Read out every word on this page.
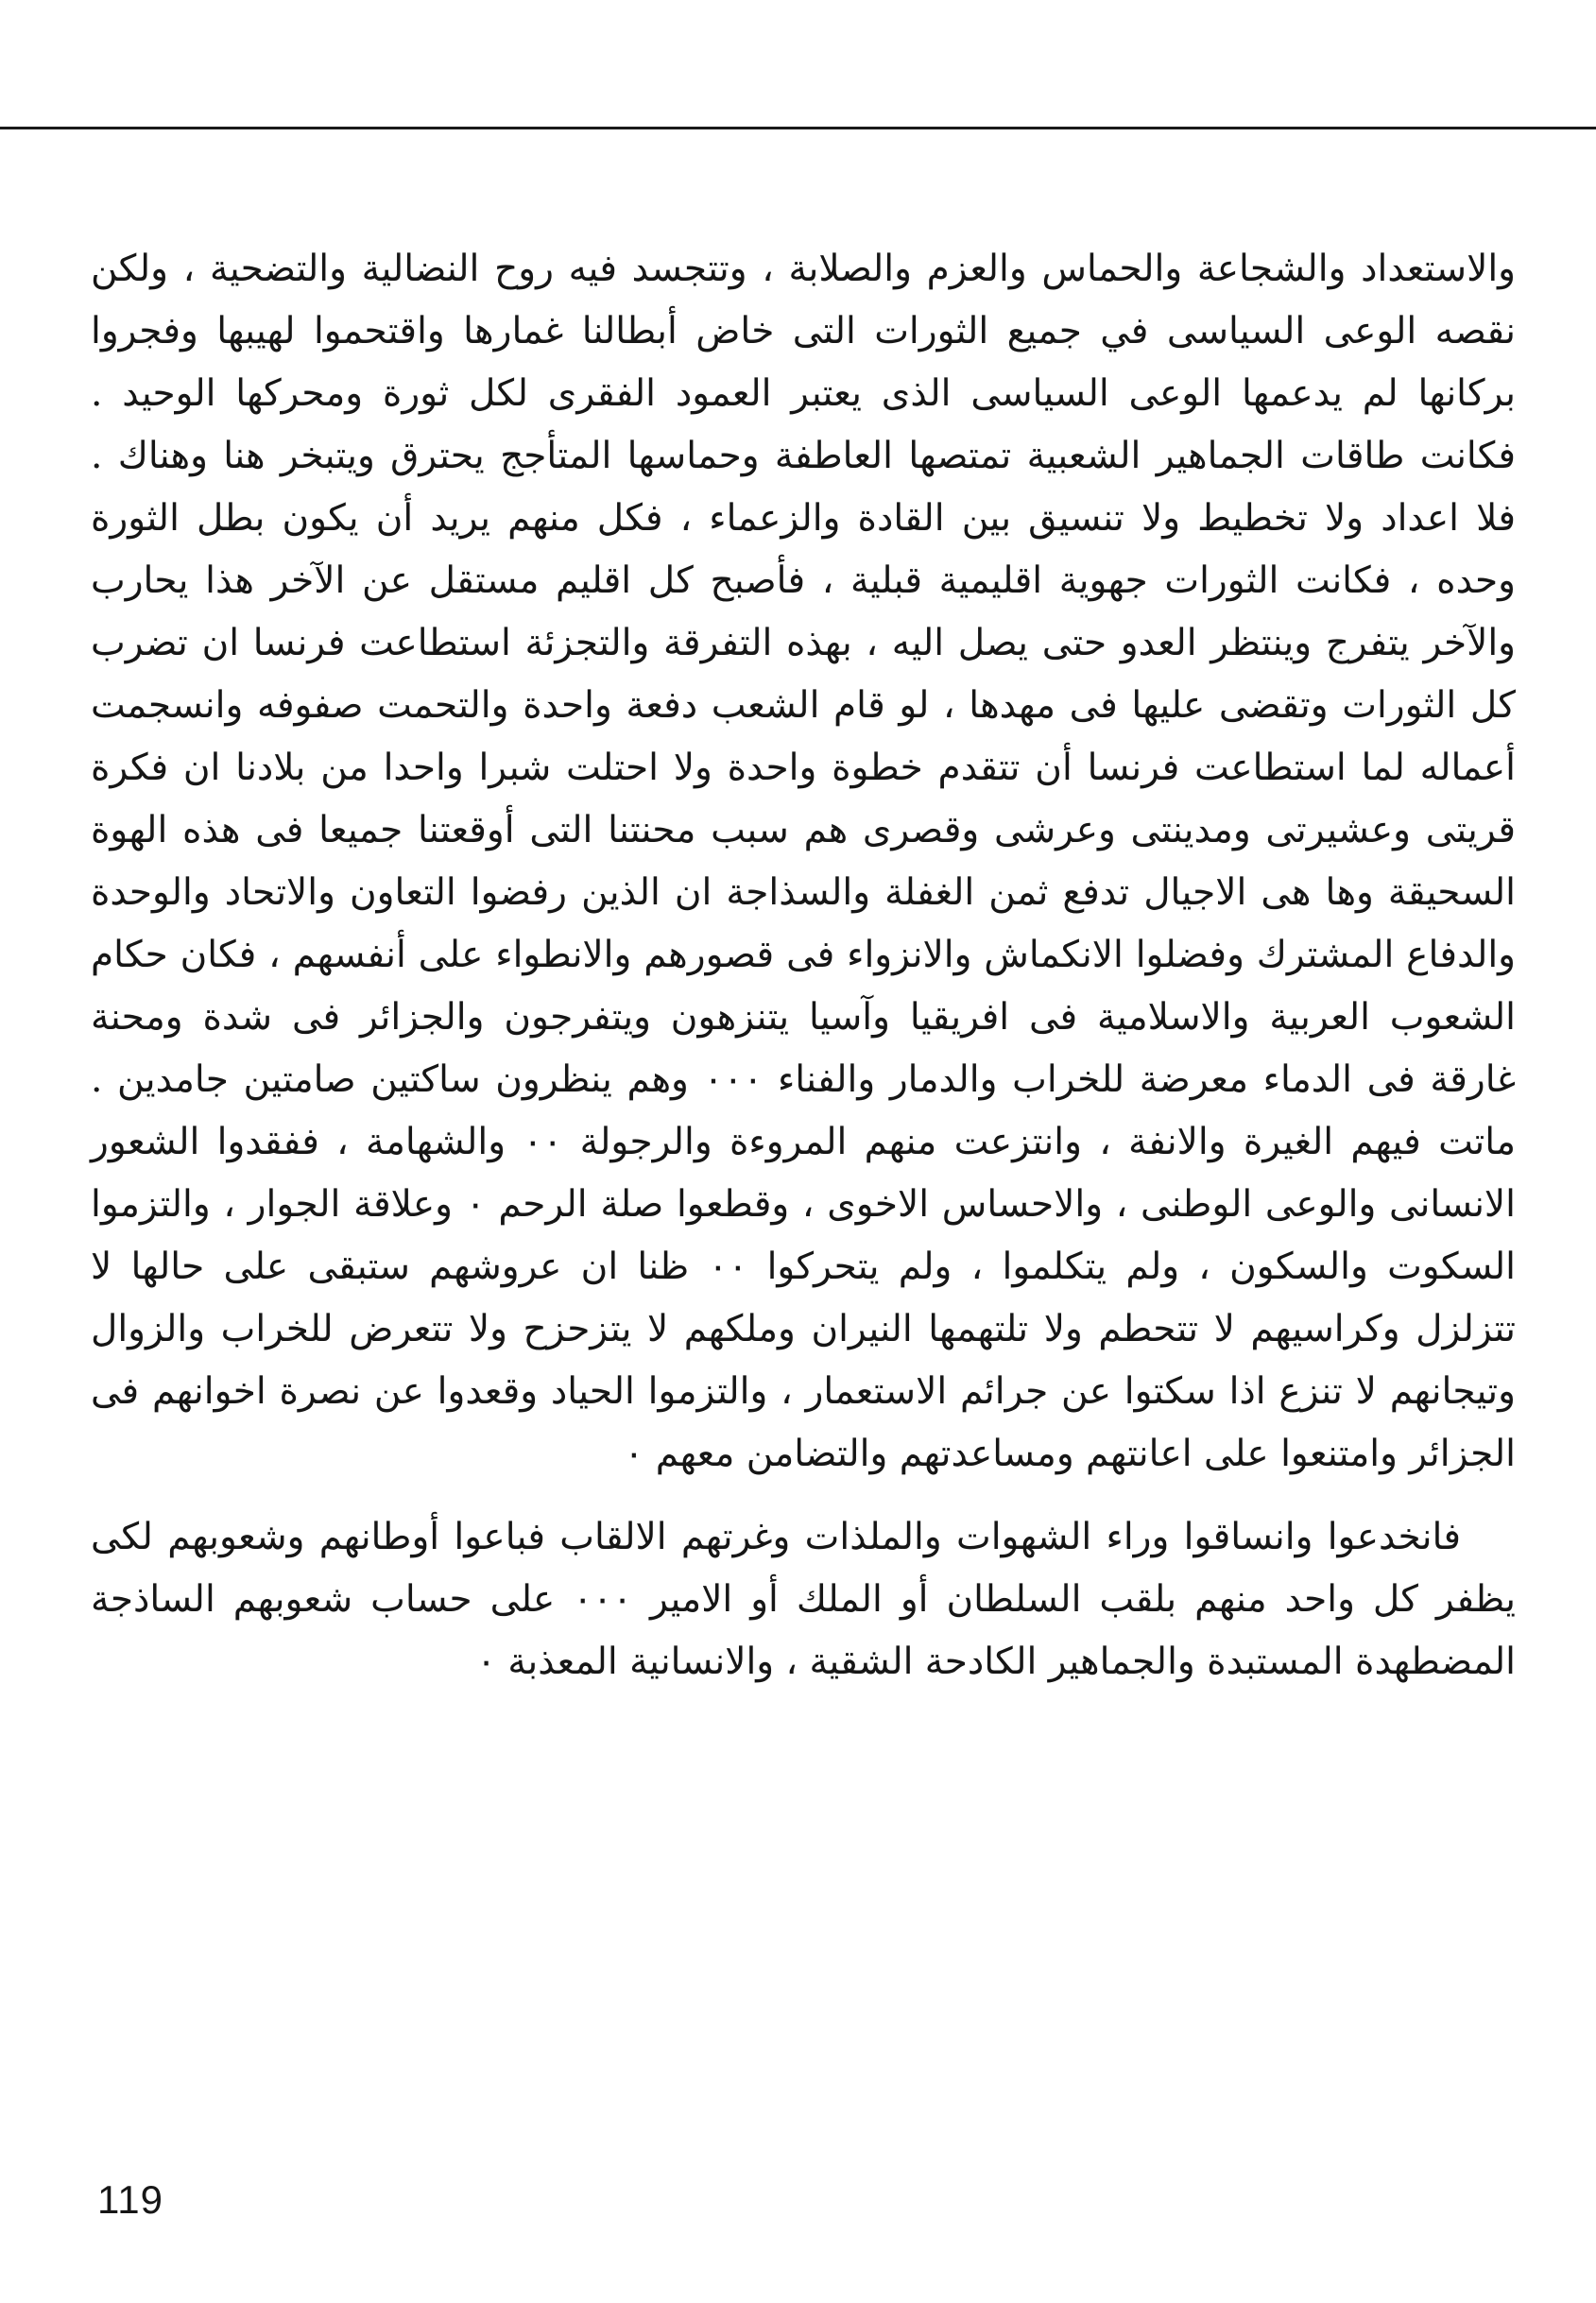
والاستعداد والشجاعة والحماس والعزم والصلابة ، وتتجسد فيه روح النضالية والتضحية ، ولكن نقصه الوعى السياسى في جميع الثورات التى خاض أبطالنا غمارها واقتحموا لهيبها وفجروا بركانها لم يدعمها الوعى السياسى الذى يعتبر العمود الفقرى لكل ثورة ومحركها الوحيد . فكانت طاقات الجماهير الشعبية تمتصها العاطفة وحماسها المتأجج يحترق ويتبخر هنا وهناك . فلا اعداد ولا تخطيط ولا تنسيق بين القادة والزعماء ، فكل منهم يريد أن يكون بطل الثورة وحده ، فكانت الثورات جهوية اقليمية قبلية ، فأصبح كل اقليم مستقل عن الآخر هذا يحارب والآخر يتفرج وينتظر العدو حتى يصل اليه ، بهذه التفرقة والتجزئة استطاعت فرنسا ان تضرب كل الثورات وتقضى عليها فى مهدها ، لو قام الشعب دفعة واحدة والتحمت صفوفه وانسجمت أعماله لما استطاعت فرنسا أن تتقدم خطوة واحدة ولا احتلت شبرا واحدا من بلادنا ان فكرة قريتى وعشيرتى ومدينتى وعرشى وقصرى هم سبب محنتنا التى أوقعتنا جميعا فى هذه الهوة السحيقة وها هى الاجيال تدفع ثمن الغفلة والسذاجة ان الذين رفضوا التعاون والاتحاد والوحدة والدفاع المشترك وفضلوا الانكماش والانزواء فى قصورهم والانطواء على أنفسهم ، فكان حكام الشعوب العربية والاسلامية فى افريقيا وآسيا يتنزهون ويتفرجون والجزائر فى شدة ومحنة غارقة فى الدماء معرضة للخراب والدمار والفناء ٠٠٠ وهم ينظرون ساكتين صامتين جامدين . ماتت فيهم الغيرة والانفة ، وانتزعت منهم المروءة والرجولة ٠٠ والشهامة ، ففقدوا الشعور الانسانى والوعى الوطنى ، والاحساس الاخوى ، وقطعوا صلة الرحم ٠ وعلاقة الجوار ، والتزموا السكوت والسكون ، ولم يتكلموا ، ولم يتحركوا ٠٠ ظنا ان عروشهم ستبقى على حالها لا تتزلزل وكراسيهم لا تتحطم ولا تلتهمها النيران وملكهم لا يتزحزح ولا تتعرض للخراب والزوال وتيجانهم لا تنزع اذا سكتوا عن جرائم الاستعمار ، والتزموا الحياد وقعدوا عن نصرة اخوانهم فى الجزائر وامتنعوا على اعانتهم ومساعدتهم والتضامن معهم ٠

فانخدعوا وانساقوا وراء الشهوات والملذات وغرتهم الالقاب فباعوا أوطانهم وشعوبهم لكى يظفر كل واحد منهم بلقب السلطان أو الملك أو الامير ٠٠٠ على حساب شعوبهم الساذجة المضطهدة المستبدة والجماهير الكادحة الشقية ، والانسانية المعذبة ٠

119
